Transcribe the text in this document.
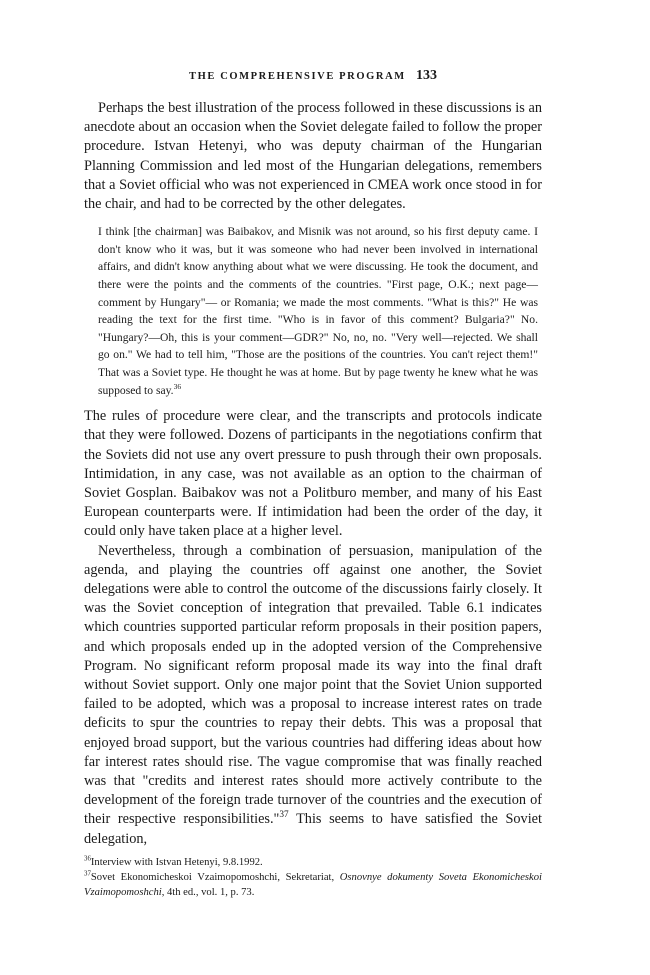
THE COMPREHENSIVE PROGRAM 133

Perhaps the best illustration of the process followed in these discussions is an anecdote about an occasion when the Soviet delegate failed to follow the proper procedure. Istvan Hetenyi, who was deputy chairman of the Hungarian Planning Commission and led most of the Hungarian delegations, remembers that a Soviet official who was not experienced in CMEA work once stood in for the chair, and had to be corrected by the other delegates.

I think [the chairman] was Baibakov, and Misnik was not around, so his first deputy came. I don't know who it was, but it was someone who had never been involved in international affairs, and didn't know anything about what we were discussing. He took the document, and there were the points and the comments of the countries. "First page, O.K.; next page—comment by Hungary"— or Romania; we made the most comments. "What is this?" He was reading the text for the first time. "Who is in favor of this comment? Bulgaria?" No. "Hungary?—Oh, this is your comment—GDR?" No, no, no. "Very well—rejected. We shall go on." We had to tell him, "Those are the positions of the countries. You can't reject them!" That was a Soviet type. He thought he was at home. But by page twenty he knew what he was supposed to say.$^{36}$

The rules of procedure were clear, and the transcripts and protocols indicate that they were followed. Dozens of participants in the negotiations confirm that the Soviets did not use any overt pressure to push through their own proposals. Intimidation, in any case, was not available as an option to the chairman of Soviet Gosplan. Baibakov was not a Politburo member, and many of his East European counterparts were. If intimidation had been the order of the day, it could only have taken place at a higher level.

Nevertheless, through a combination of persuasion, manipulation of the agenda, and playing the countries off against one another, the Soviet delegations were able to control the outcome of the discussions fairly closely. It was the Soviet conception of integration that prevailed. Table 6.1 indicates which countries supported particular reform proposals in their position papers, and which proposals ended up in the adopted version of the Comprehensive Program. No significant reform proposal made its way into the final draft without Soviet support. Only one major point that the Soviet Union supported failed to be adopted, which was a proposal to increase interest rates on trade deficits to spur the countries to repay their debts. This was a proposal that enjoyed broad support, but the various countries had differing ideas about how far interest rates should rise. The vague compromise that was finally reached was that "credits and interest rates should more actively contribute to the development of the foreign trade turnover of the countries and the execution of their respective responsibilities."$^{37}$ This seems to have satisfied the Soviet delegation,

$^{36}$Interview with Istvan Hetenyi, 9.8.1992.

$^{37}$Sovet Ekonomicheskoi Vzaimopomoshchi, Sekretariat, Osnovnye dokumenty Soveta Ekonomicheskoi Vzaimopomoshchi, 4th ed., vol. 1, p. 73.
